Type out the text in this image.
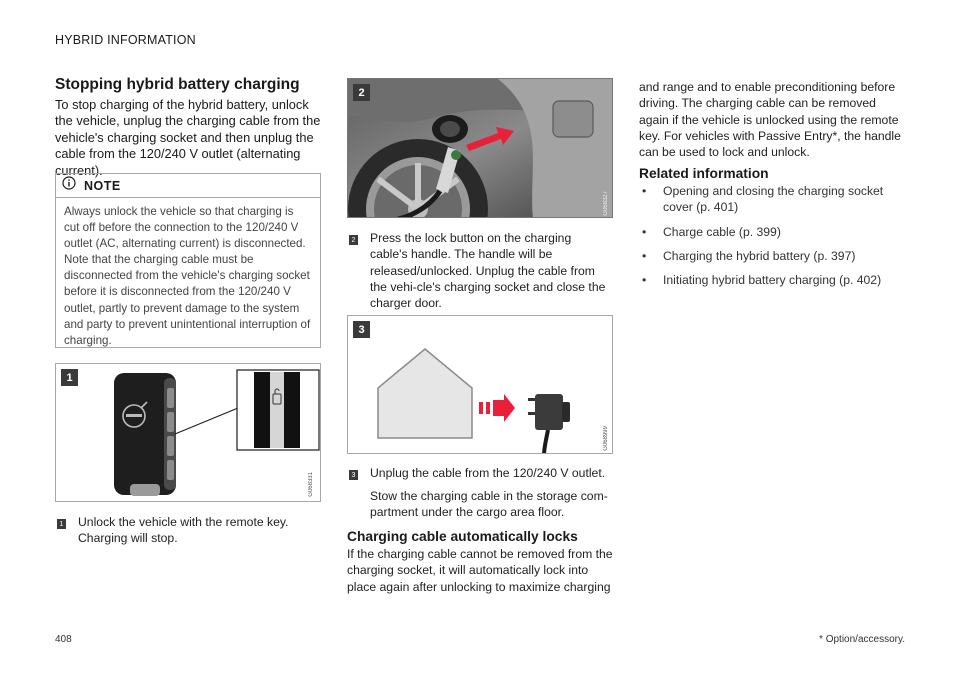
HYBRID INFORMATION
Stopping hybrid battery charging
To stop charging of the hybrid battery, unlock the vehicle, unplug the charging cable from the vehicle's charging socket and then unplug the cable from the 120/240 V outlet (alternating current).
NOTE
Always unlock the vehicle so that charging is cut off before the connection to the 120/240 V outlet (AC, alternating current) is disconnected. Note that the charging cable must be disconnected from the vehicle's charging socket before it is disconnected from the 120/240 V outlet, partly to prevent damage to the system and party to prevent unintentional interruption of charging.
1
G068331
1 Unlock the vehicle with the remote key. Charging will stop.
2
G068327
2 Press the lock button on the charging cable's handle. The handle will be released/unlocked. Unplug the cable from the vehi-cle's charging socket and close the charger door.
3
G068999
3 Unplug the cable from the 120/240 V outlet.
Stow the charging cable in the storage com-partment under the cargo area floor.
Charging cable automatically locks
If the charging cable cannot be removed from the charging socket, it will automatically lock into place again after unlocking to maximize charging
and range and to enable preconditioning before driving. The charging cable can be removed again if the vehicle is unlocked using the remote key. For vehicles with Passive Entry*, the handle can be used to lock and unlock.
Related information
•	Opening and closing the charging socket cover (p. 401)
•	Charge cable (p. 399)
•	Charging the hybrid battery (p. 397)
•	Initiating hybrid battery charging (p. 402)
408	* Option/accessory.
